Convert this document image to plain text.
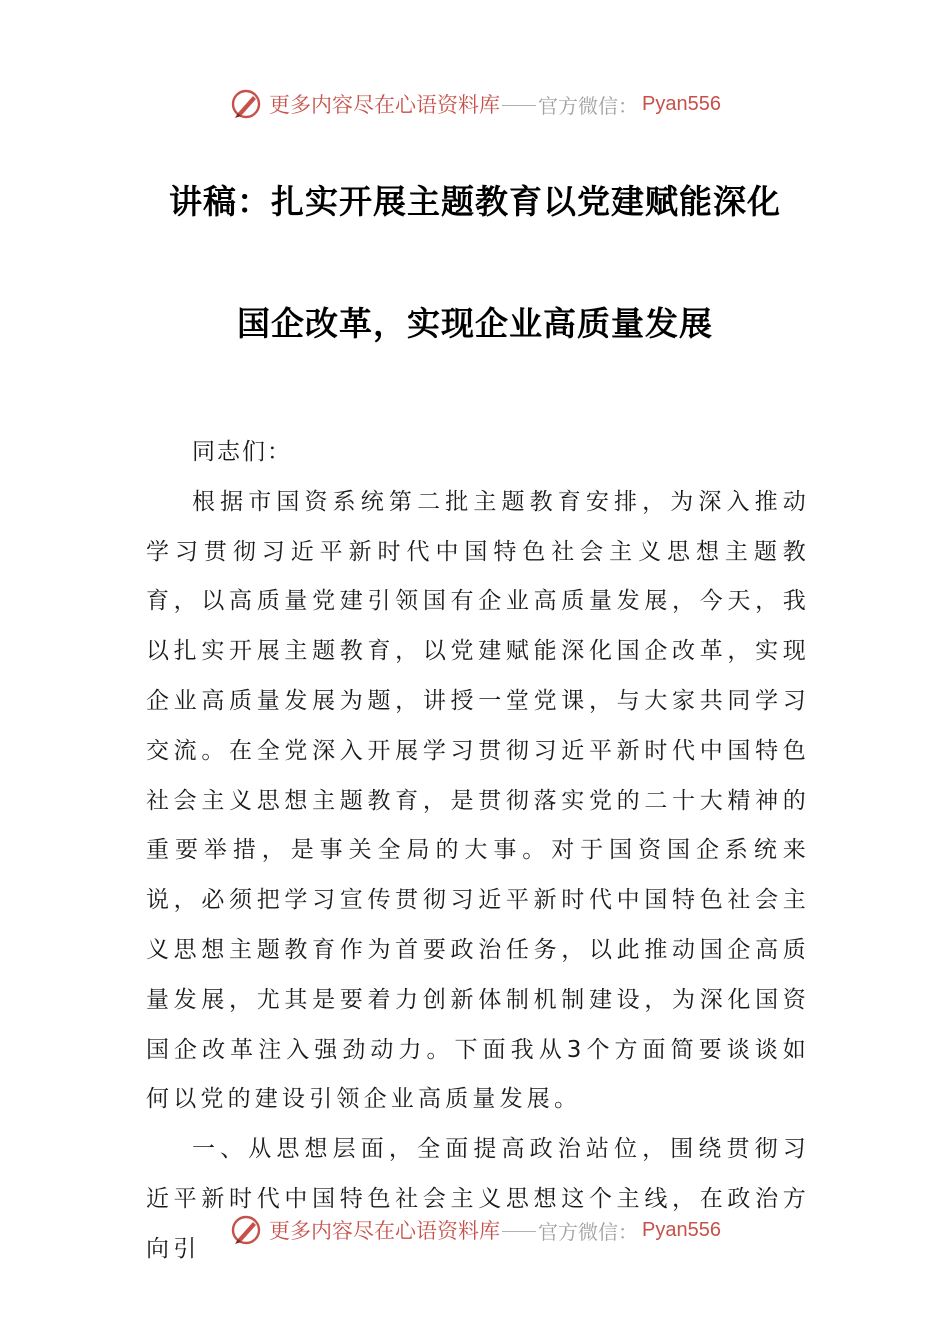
更多内容尽在心语资料库 官方微信： Pyan556
讲稿：扎实开展主题教育以党建赋能深化
国企改革，实现企业高质量发展

同志们：

根据市国资系统第二批主题教育安排，为深入推动学习贯彻习近平新时代中国特色社会主义思想主题教育，以高质量党建引领国有企业高质量发展，今天，我以扎实开展主题教育，以党建赋能深化国企改革，实现企业高质量发展为题，讲授一堂党课，与大家共同学习交流。在全党深入开展学习贯彻习近平新时代中国特色社会主义思想主题教育，是贯彻落实党的二十大精神的重要举措，是事关全局的大事。对于国资国企系统来说，必须把学习宣传贯彻习近平新时代中国特色社会主义思想主题教育作为首要政治任务，以此推动国企高质量发展，尤其是要着力创新体制机制建设，为深化国资国企改革注入强劲动力。下面我从3个方面简要谈谈如何以党的建设引领企业高质量发展。

一、从思想层面，全面提高政治站位，围绕贯彻习近平新时代中国特色社会主义思想这个主线，在政治方向引

更多内容尽在心语资料库 官方微信： Pyan556
